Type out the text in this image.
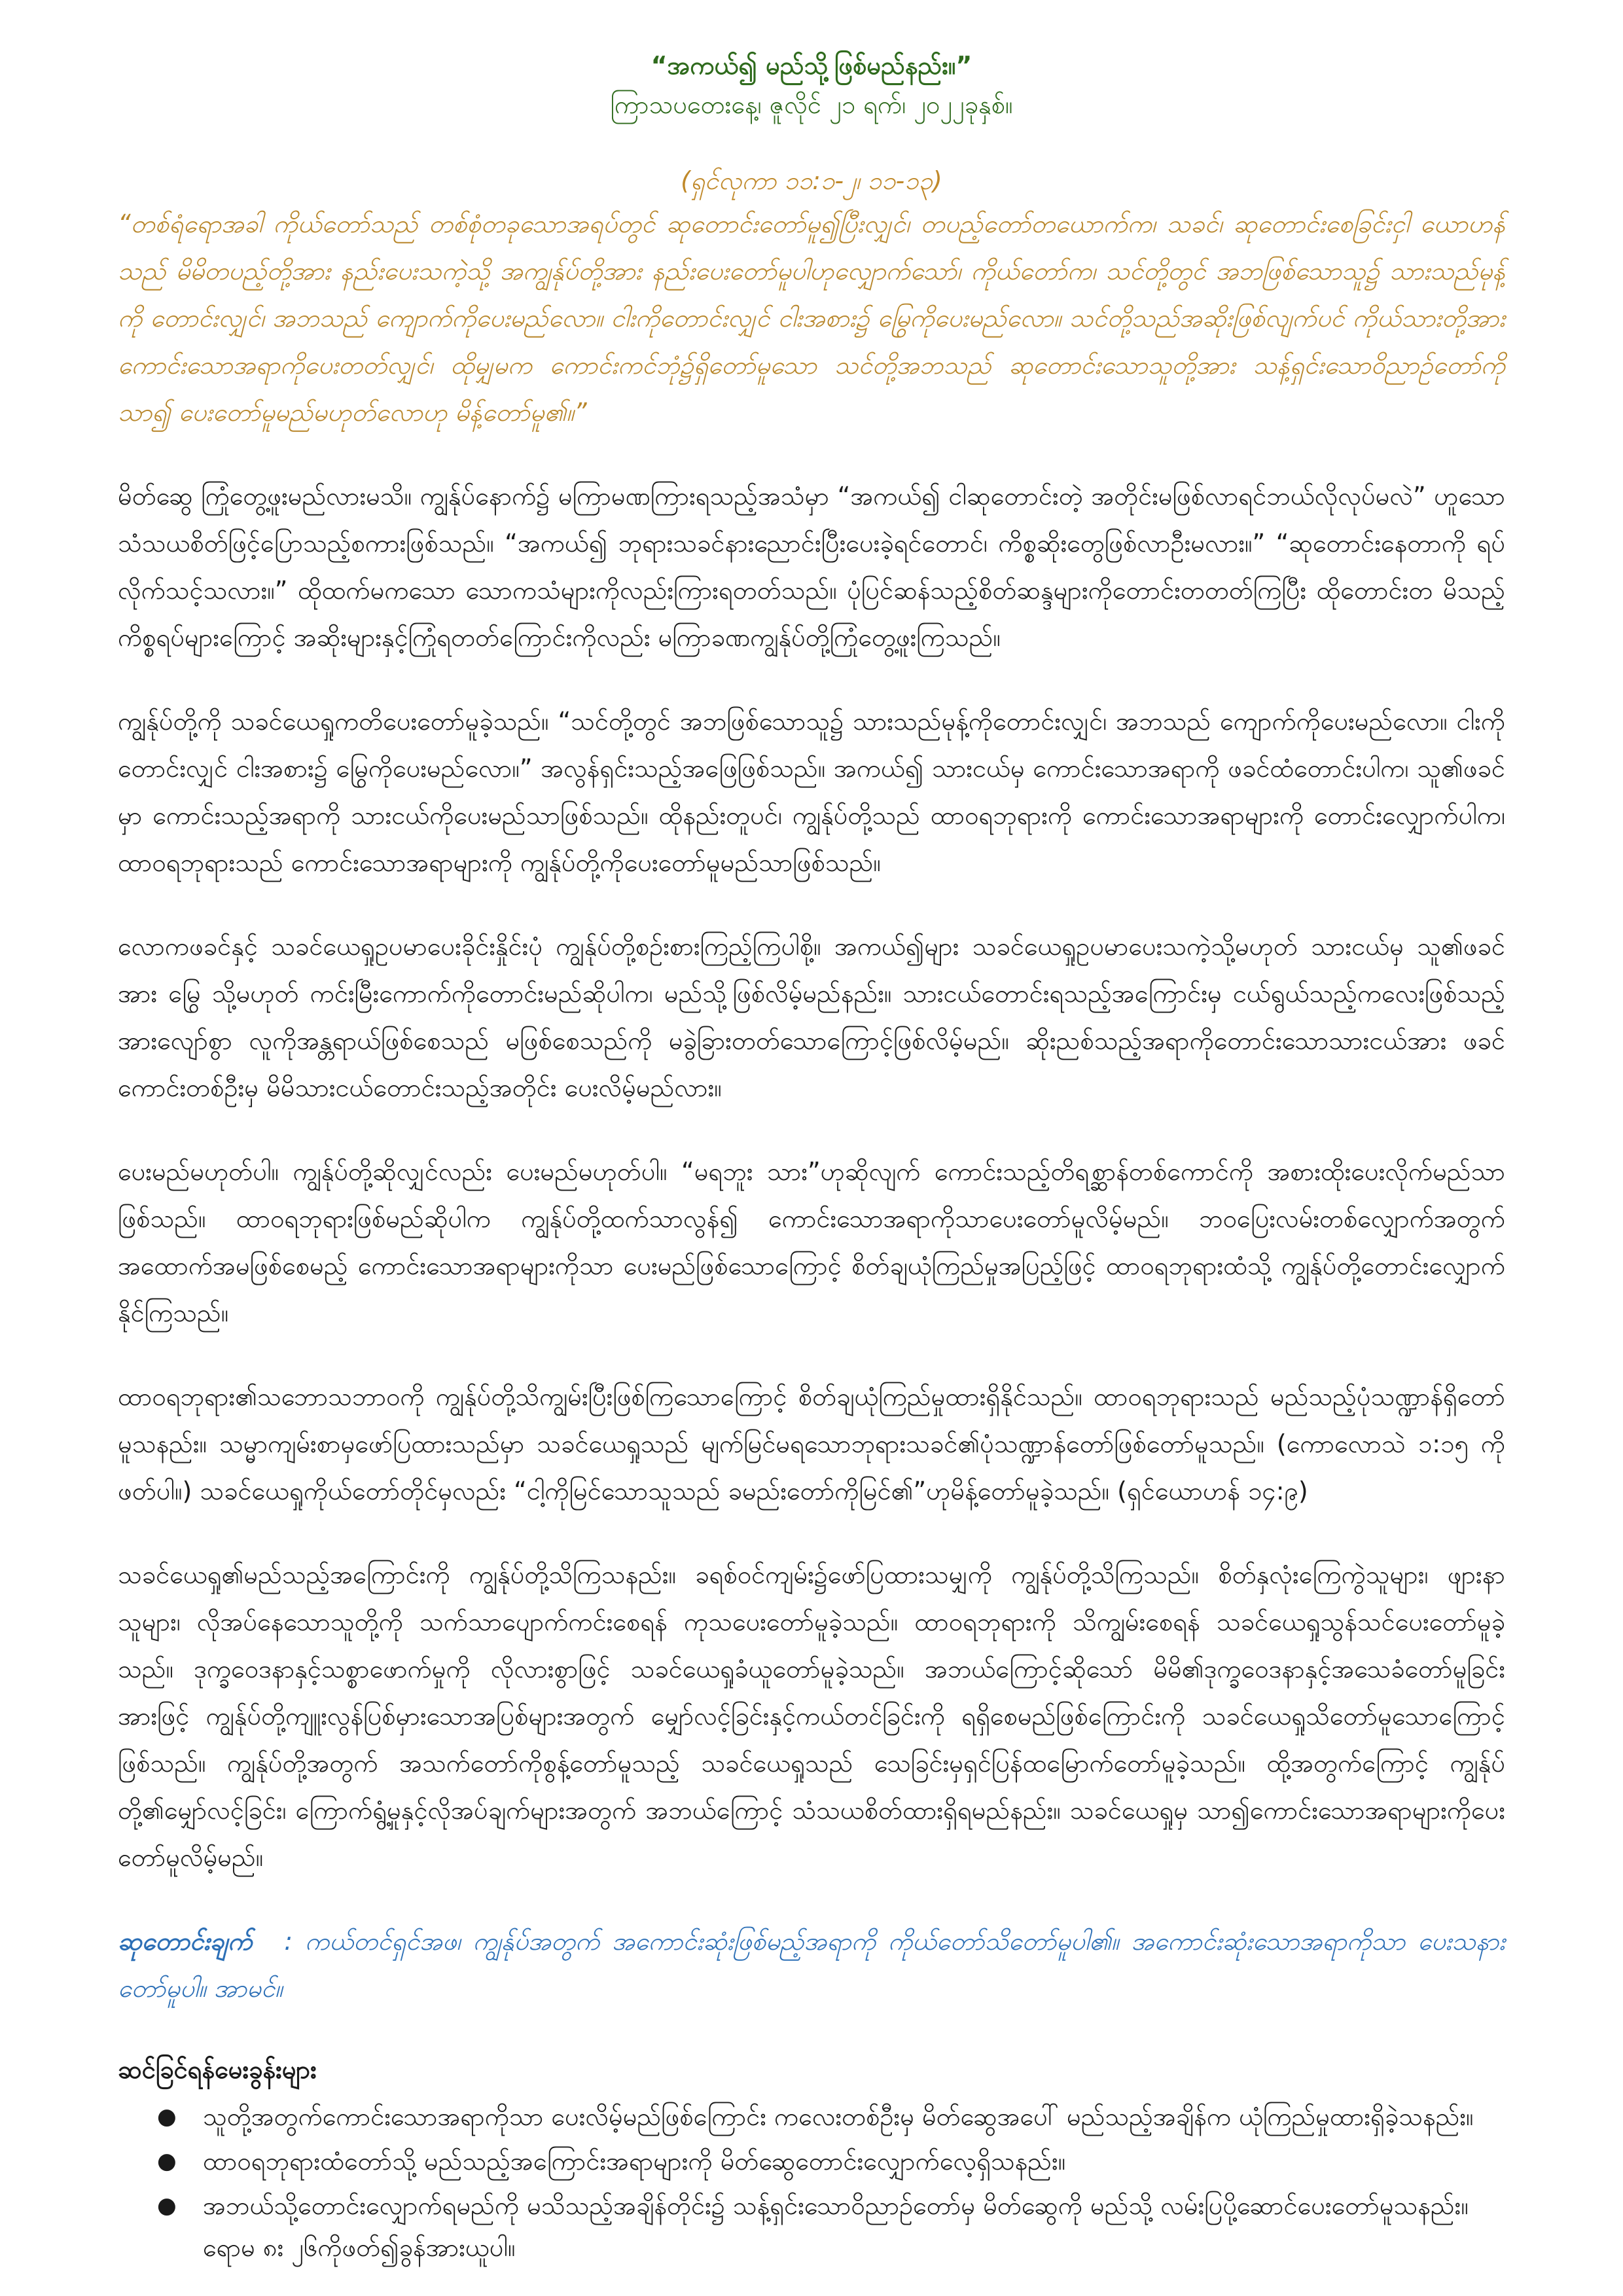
“အကယ်၍ မည်သို့ဖြစ်မည်နည်း။”

ကြာသပတေးနေ့၊ ဇူလိုင် ၂၁ ရက်၊ ၂၀၂၂ခုနှစ်။

(ရှင်လုကာ ၁၁:၁-၂၊ ၁၁-၁၃)

“တစ်ရံရောအခါ ကိုယ်တော်သည် တစ်စုံတခုသောအရပ်တွင် ဆုတောင်းတော်မူ၍ပြီးလျှင်၊ တပည့်တော်တယောက်က၊ သခင်၊ ဆုတောင်းစေခြင်းငှါ ယောဟန်သည် မိမိတပည့်တို့အား နည်းပေးသကဲ့သို့ အကျွန်ုပ်တို့အား နည်းပေးတော်မူပါဟုလျှောက်သော်၊ ကိုယ်တော်က၊ သင်တို့တွင် အဘဖြစ်သောသူ၌ သားသည်မုန့်ကို တောင်းလျှင်၊ အဘသည် ကျောက်ကိုပေးမည်လော။ ငါးကိုတောင်းလျှင် ငါးအစား၌ မြွေကိုပေးမည်လော။ သင်တို့သည်အဆိုးဖြစ်လျက်ပင် ကိုယ်သားတို့အား ကောင်းသောအရာကိုပေးတတ်လျှင်၊ ထိုမျှမက ကောင်းကင်ဘုံ၌ရှိတော်မူသော သင်တို့အဘသည် ဆုတောင်းသောသူတို့အား သန့်ရှင်းသောဝိညာဉ်တော်ကို သာ၍ ပေးတော်မူမည်မဟုတ်လောဟု မိန့်တော်မူ၏။”

မိတ်ဆွေ ကြုံတွေ့ဖူးမည်လားမသိ။ ကျွန်ုပ်နောက်၌ မကြာမဏကြားရသည့်အသံမှာ “အကယ်၍ ငါဆုတောင်းတဲ့ အတိုင်းမဖြစ်လာရင်ဘယ်လိုလုပ်မလဲ” ဟူသော သံသယစိတ်ဖြင့်ပြောသည့်စကားဖြစ်သည်။ “အကယ်၍ ဘုရားသခင်နားညောင်းပြီးပေးခဲ့ရင်တောင်၊ ကိစ္စဆိုးတွေဖြစ်လာဦးမလား။” “ဆုတောင်းနေတာကို ရပ်လိုက်သင့်သလား။” ထိုထက်မကသော သောကသံများကိုလည်းကြားရတတ်သည်။ ပုံပြင်ဆန်သည့်စိတ်ဆန္ဒများကိုတောင်းတတတ်ကြပြီး ထိုတောင်းတ မိသည့်ကိစ္စရပ်များကြောင့် အဆိုးများနှင့်ကြုံရတတ်ကြောင်းကိုလည်း မကြာခဏကျွန်ုပ်တို့ကြုံတွေ့ဖူးကြသည်။

ကျွန်ုပ်တို့ကို သခင်ယေရှုကတိပေးတော်မူခဲ့သည်။ “သင်တို့တွင် အဘဖြစ်သောသူ၌ သားသည်မုန့်ကိုတောင်းလျှင်၊ အဘသည် ကျောက်ကိုပေးမည်လော။ ငါးကို တောင်းလျှင် ငါးအစား၌ မြွေကိုပေးမည်လော။” အလွန်ရှင်းသည့်အဖြေဖြစ်သည်။ အကယ်၍ သားငယ်မှ ကောင်းသောအရာကို ဖခင်ထံတောင်းပါက၊ သူ၏ဖခင် မှာ ကောင်းသည့်အရာကို သားငယ်ကိုပေးမည်သာဖြစ်သည်။ ထိုနည်းတူပင်၊ ကျွန်ုပ်တို့သည် ထာဝရဘုရားကို ကောင်းသောအရာများကို တောင်းလျှောက်ပါက၊ ထာဝရဘုရားသည် ကောင်းသောအရာများကို ကျွန်ုပ်တို့ကိုပေးတော်မူမည်သာဖြစ်သည်။

လောကဖခင်နှင့် သခင်ယေရှုဥပမာပေးခိုင်းနှိုင်းပုံ ကျွန်ုပ်တို့စဉ်းစားကြည့်ကြပါစို့။ အကယ်၍များ သခင်ယေရှုဥပမာပေးသကဲ့သို့မဟုတ် သားငယ်မှ သူ၏ဖခင်အား မြွေ သို့မဟုတ် ကင်းမြီးကောက်ကိုတောင်းမည်ဆိုပါက၊ မည်သို့ဖြစ်လိမ့်မည်နည်း။ သားငယ်တောင်းရသည့်အကြောင်းမှ ငယ်ရွယ်သည့်ကလေးဖြစ်သည့် အားလျော်စွာ လူကိုအန္တရာယ်ဖြစ်စေသည် မဖြစ်စေသည်ကို မခွဲခြားတတ်သောကြောင့်ဖြစ်လိမ့်မည်။ ဆိုးညစ်သည့်အရာကိုတောင်းသောသားငယ်အား ဖခင်ကောင်းတစ်ဦးမှ မိမိသားငယ်တောင်းသည့်အတိုင်း ပေးလိမ့်မည်လား။

ပေးမည်မဟုတ်ပါ။ ကျွန်ုပ်တို့ဆိုလျှင်လည်း ပေးမည်မဟုတ်ပါ။ “မရဘူး သား”ဟုဆိုလျက် ကောင်းသည့်တိရစ္ဆာန်တစ်ကောင်ကို အစားထိုးပေးလိုက်မည်သာ ဖြစ်သည်။ ထာဝရဘုရားဖြစ်မည်ဆိုပါက ကျွန်ုပ်တို့ထက်သာလွန်၍ ကောင်းသောအရာကိုသာပေးတော်မူလိမ့်မည်။ ဘဝပြေးလမ်းတစ်လျှောက်အတွက် အထောက်အမဖြစ်စေမည့် ကောင်းသောအရာများကိုသာ ပေးမည်ဖြစ်သောကြောင့် စိတ်ချယုံကြည်မှုအပြည့်ဖြင့် ထာဝရဘုရားထံသို့ ကျွန်ုပ်တို့တောင်းလျှောက် နိုင်ကြသည်။

ထာဝရဘုရား၏သဘောသဘာဝကို ကျွန်ုပ်တို့သိကျွမ်းပြီးဖြစ်ကြသောကြောင့် စိတ်ချယုံကြည်မှုထားရှိနိုင်သည်။ ထာဝရဘုရားသည် မည်သည့်ပုံသဏ္ဍာန်ရှိတော် မူသနည်း။ သမ္မာကျမ်းစာမှဖော်ပြထားသည်မှာ သခင်ယေရှုသည် မျက်မြင်မရသောဘုရားသခင်၏ပုံသဏ္ဍာန်တော်ဖြစ်တော်မူသည်။ (ကောလောသဲ ၁:၁၅ ကိုဖတ်ပါ။) သခင်ယေရှုကိုယ်တော်တိုင်မှလည်း “ငါ့ကိုမြင်သောသူသည် ခမည်းတော်ကိုမြင်၏”ဟုမိန့်တော်မူခဲ့သည်။ (ရှင်ယောဟန် ၁၄:၉)

သခင်ယေရှု၏မည်သည့်အကြောင်းကို ကျွန်ုပ်တို့သိကြသနည်း။ ခရစ်ဝင်ကျမ်း၌ဖော်ပြထားသမျှကို ကျွန်ုပ်တို့သိကြသည်။ စိတ်နှလုံးကြေကွဲသူများ၊ ဖျားနာ သူများ၊ လိုအပ်နေသောသူတို့ကို သက်သာပျောက်ကင်းစေရန် ကုသပေးတော်မူခဲ့သည်။ ထာဝရဘုရားကို သိကျွမ်းစေရန် သခင်ယေရှုသွန်သင်ပေးတော်မူခဲ့သည်။ ဒုက္ခဝေဒနာနှင့်သစ္စာဖောက်မှုကို လိုလားစွာဖြင့် သခင်ယေရှုခံယူတော်မူခဲ့သည်။ အဘယ်ကြောင့်ဆိုသော် မိမိ၏ဒုက္ခဝေဒနာနှင့်အသေခံတော်မူခြင်းအားဖြင့် ကျွန်ုပ်တို့ကျူးလွန်ပြစ်မှားသောအပြစ်များအတွက် မျှော်လင့်ခြင်းနှင့်ကယ်တင်ခြင်းကို ရရှိစေမည်ဖြစ်ကြောင်းကို သခင်ယေရှုသိတော်မူသောကြောင့်ဖြစ်သည်။ ကျွန်ုပ်တို့အတွက် အသက်တော်ကိုစွန့်တော်မူသည့် သခင်ယေရှုသည် သေခြင်းမှရှင်ပြန်ထမြောက်တော်မူခဲ့သည်။ ထို့အတွက်ကြောင့် ကျွန်ုပ်တို့၏မျှော်လင့်ခြင်း၊ ကြောက်ရွံ့မှုနှင့်လိုအပ်ချက်များအတွက် အဘယ်ကြောင့် သံသယစိတ်ထားရှိရမည်နည်း။ သခင်ယေရှုမှ သာ၍ကောင်းသောအရာများကိုပေးတော်မူလိမ့်မည်။

ဆုတောင်းချက် : ကယ်တင်ရှင်အဖ၊ ကျွန်ုပ်အတွက် အကောင်းဆုံးဖြစ်မည့်အရာကို ကိုယ်တော်သိတော်မူပါ၏။ အကောင်းဆုံးသောအရာကိုသာ ပေးသနားတော်မူပါ။ အာမင်။

ဆင်ခြင်ရန်မေးခွန်းများ

● သူတို့အတွက်ကောင်းသောအရာကိုသာ ပေးလိမ့်မည်ဖြစ်ကြောင်း ကလေးတစ်ဦးမှ မိတ်ဆွေအပေါ် မည်သည့်အချိန်က ယုံကြည်မှုထားရှိခဲ့သနည်း။
● ထာဝရဘုရားထံတော်သို့ မည်သည့်အကြောင်းအရာများကို မိတ်ဆွေတောင်းလျှောက်လေ့ရှိသနည်း။
● အဘယ်သို့တောင်းလျှောက်ရမည်ကို မသိသည့်အချိန်တိုင်း၌ သန့်ရှင်းသောဝိညာဉ်တော်မှ မိတ်ဆွေကို မည်သို့ လမ်းပြပို့ဆောင်ပေးတော်မူသနည်း။ ရောမ ၈း ၂၆ကိုဖတ်၍ခွန်အားယူပါ။
